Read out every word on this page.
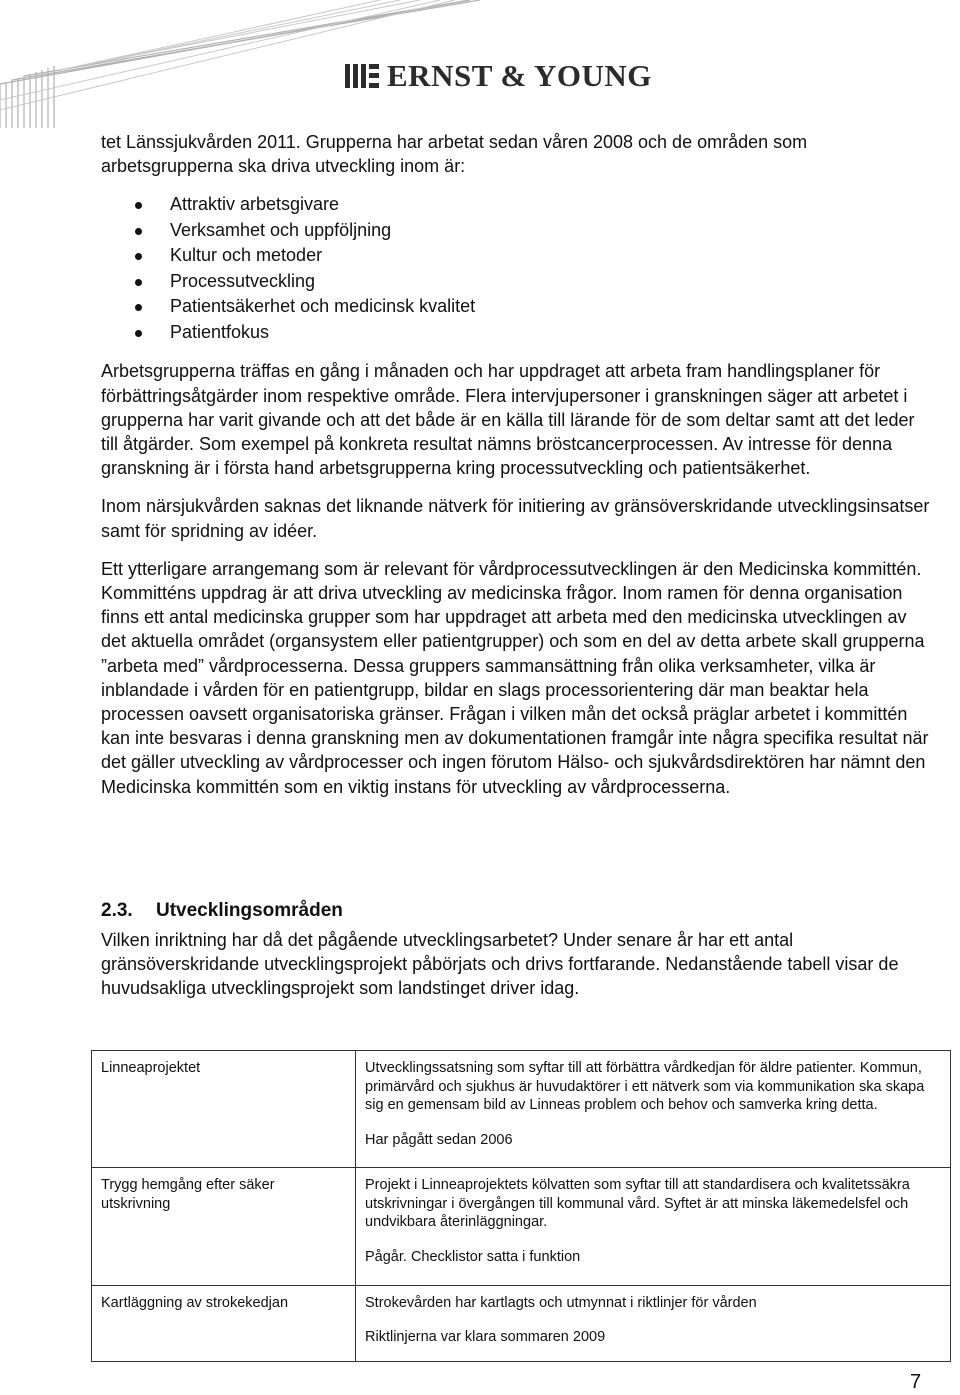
ERNST & YOUNG

tet Länssjukvården 2011. Grupperna har arbetat sedan våren 2008 och de områden som arbetsgrupperna ska driva utveckling inom är:

Attraktiv arbetsgivare
Verksamhet och uppföljning
Kultur och metoder
Processutveckling
Patientsäkerhet och medicinsk kvalitet
Patientfokus

Arbetsgrupperna träffas en gång i månaden och har uppdraget att arbeta fram handlingsplaner för förbättringsåtgärder inom respektive område. Flera intervjupersoner i granskningen säger att arbetet i grupperna har varit givande och att det både är en källa till lärande för de som deltar samt att det leder till åtgärder. Som exempel på konkreta resultat nämns bröstcancerprocessen. Av intresse för denna granskning är i första hand arbetsgrupperna kring processutveckling och patientsäkerhet.

Inom närsjukvården saknas det liknande nätverk för initiering av gränsöverskridande utvecklingsinsatser samt för spridning av idéer.

Ett ytterligare arrangemang som är relevant för vårdprocessutvecklingen är den Medicinska kommittén. Kommitténs uppdrag är att driva utveckling av medicinska frågor. Inom ramen för denna organisation finns ett antal medicinska grupper som har uppdraget att arbeta med den medicinska utvecklingen av det aktuella området (organsystem eller patientgrupper) och som en del av detta arbete skall grupperna ”arbeta med” vårdprocesserna. Dessa gruppers sammansättning från olika verksamheter, vilka är inblandade i vården för en patientgrupp, bildar en slags processorientering där man beaktar hela processen oavsett organisatoriska gränser. Frågan i vilken mån det också präglar arbetet i kommittén kan inte besvaras i denna granskning men av dokumentationen framgår inte några specifika resultat när det gäller utveckling av vårdprocesser och ingen förutom Hälso- och sjukvårdsdirektören har nämnt den Medicinska kommittén som en viktig instans för utveckling av vårdprocesserna.

2.3. Utvecklingsområden
Vilken inriktning har då det pågående utvecklingsarbetet? Under senare år har ett antal gränsöverskridande utvecklingsprojekt påbörjats och drivs fortfarande. Nedanstående tabell visar de huvudsakliga utvecklingsprojekt som landstinget driver idag.
Linneaprojektet	Utvecklingssatsning som syftar till att förbättra vårdkedjan för äldre patienter. Kommun, primärvård och sjukhus är huvudaktörer i ett nätverk som via kommunikation ska skapa sig en gemensam bild av Linneas problem och behov och samverka kring detta.
Har pågått sedan 2006

Trygg hemgång efter säker utskrivning	Projekt i Linneaprojektets kölvatten som syftar till att standardisera och kvalitetssäkra utskrivningar i övergången till kommunal vård. Syftet är att minska läkemedelsfel och undvikbara återinläggningar.
Pågår. Checklistor satta i funktion

Kartläggning av strokekedjan	Strokevården har kartlagts och utmynnat i riktlinjer för vården
Riktlinjerna var klara sommaren 2009
7
